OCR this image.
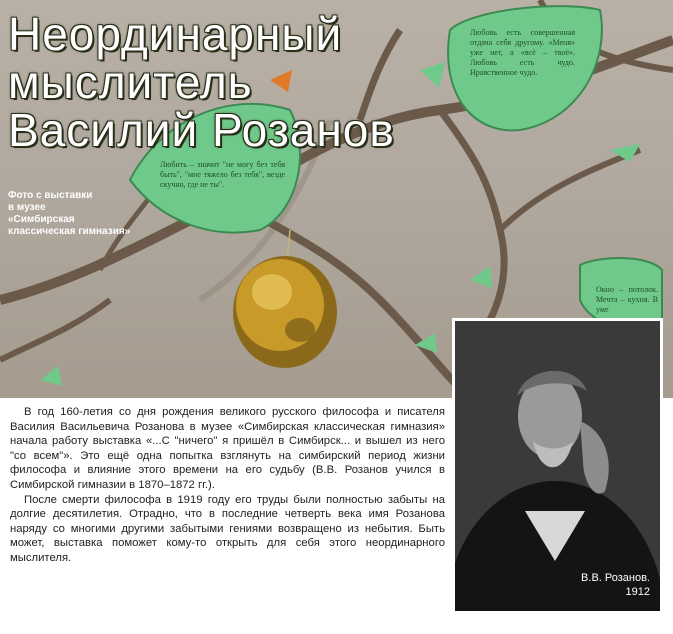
Неординарный
мыслитель
Василий Розанов
Фото с выставки
в музее
«Симбирская
классическая гимназия»
Любить – значит "не могу без тебя быть", "мне тяжело без тебя", везде скучно, где не ты".
Любовь есть совершенная отдача себя другому. «Меня» уже нет, а «всё – твоё». Любовь есть чудо. Нравственное чудо.
Окно – потолок. Мечта – кухня. В уме
В.В. Розанов.
1912

В год 160-летия со дня рождения великого русского философа и писателя Василия Васильевича Розанова в музее «Симбирская классическая гимназия» начала работу выставка «...С "ничего" я пришёл в Симбирск... и вышел из него "со всем"». Это ещё одна попытка взглянуть на симбирский период жизни философа и влияние этого времени на его судьбу (В.В. Розанов учился в Симбирской гимназии в 1870–1872 гг.).

После смерти философа в 1919 году его труды были полностью забыты на долгие десятилетия. Отрадно, что в последние четверть века имя Розанова наряду со многими другими забытыми гениями возвращено из небытия. Быть может, выставка поможет кому-то открыть для себя этого неординарного мыслителя.
